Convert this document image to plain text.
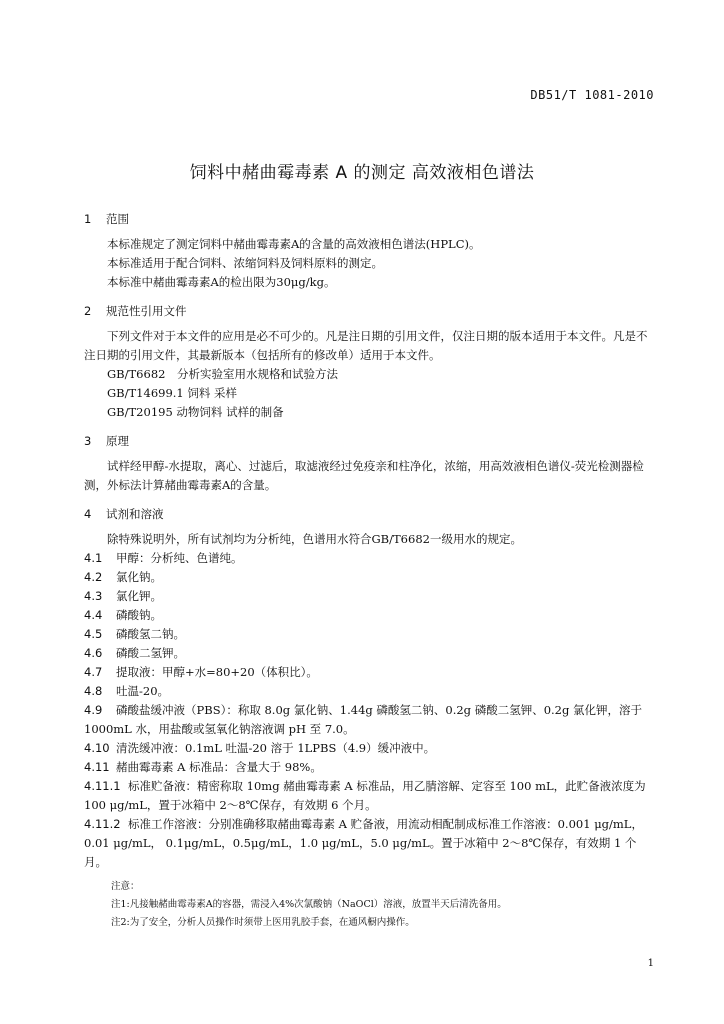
DB51/T 1081-2010
饲料中赭曲霉毒素 A 的测定 高效液相色谱法
1 范围

本标准规定了测定饲料中赭曲霉毒素A的含量的高效液相色谱法(HPLC)。

本标准适用于配合饲料、浓缩饲料及饲料原料的测定。

本标准中赭曲霉毒素A的检出限为30μg/kg。

2 规范性引用文件

下列文件对于本文件的应用是必不可少的。凡是注日期的引用文件，仅注日期的版本适用于本文件。凡是不注日期的引用文件，其最新版本（包括所有的修改单）适用于本文件。

GB/T6682　分析实验室用水规格和试验方法

GB/T14699.1 饲料 采样

GB/T20195 动物饲料 试样的制备

3 原理

试样经甲醇-水提取，离心、过滤后，取滤液经过免疫亲和柱净化，浓缩，用高效液相色谱仪-荧光检测器检测，外标法计算赭曲霉毒素A的含量。

4 试剂和溶液

除特殊说明外，所有试剂均为分析纯，色谱用水符合GB/T6682一级用水的规定。

4.1 甲醇：分析纯、色谱纯。

4.2 氯化钠。

4.3 氯化钾。

4.4 磷酸钠。

4.5 磷酸氢二钠。

4.6 磷酸二氢钾。

4.7 提取液：甲醇+水=80+20（体积比）。

4.8 吐温-20。

4.9 磷酸盐缓冲液（PBS）：称取 8.0g 氯化钠、1.44g 磷酸氢二钠、0.2g 磷酸二氢钾、0.2g 氯化钾，溶于 1000mL 水，用盐酸或氢氧化钠溶液调 pH 至 7.0。

4.10 清洗缓冲液：0.1mL 吐温-20 溶于 1LPBS（4.9）缓冲液中。

4.11 赭曲霉毒素 A 标准品：含量大于 98%。

4.11.1 标准贮备液：精密称取 10mg 赭曲霉毒素 A 标准品，用乙腈溶解、定容至 100 mL，此贮备液浓度为 100 μg/mL，置于冰箱中 2～8℃保存，有效期 6 个月。

4.11.2 标准工作溶液：分别准确移取赭曲霉毒素 A 贮备液，用流动相配制成标准工作溶液：0.001 μg/mL，0.01 μg/mL， 0.1μg/mL，0.5μg/mL，1.0 μg/mL，5.0 μg/mL。置于冰箱中 2～8℃保存，有效期 1 个月。

注意：

注1:凡接触赭曲霉毒素A的容器，需浸入4%次氯酸钠（NaOCl）溶液，放置半天后清洗备用。

注2:为了安全，分析人员操作时须带上医用乳胶手套，在通风橱内操作。

1
